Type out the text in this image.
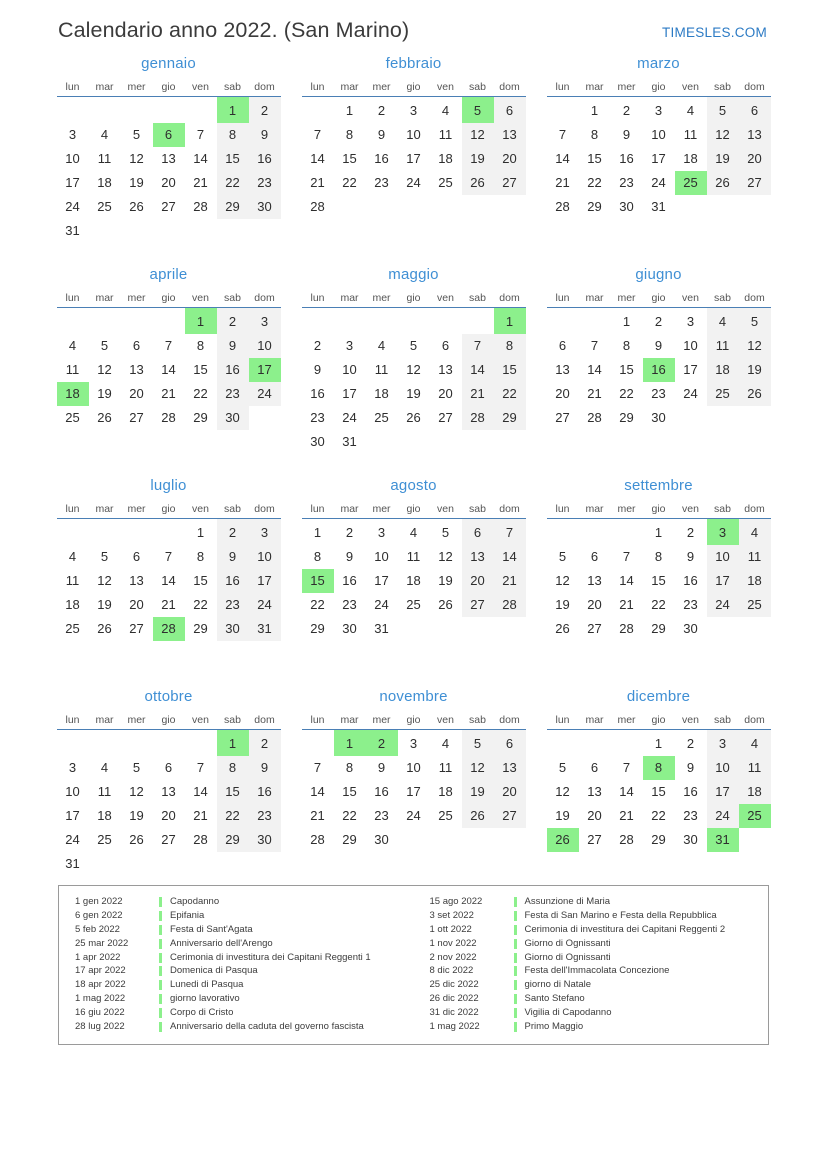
Calendario anno 2022. (San Marino)	TIMESLES.COM
gennaio
lun	mar	mer	gio	ven	sab	dom
					1	2
3	4	5	6	7	8	9
10	11	12	13	14	15	16
17	18	19	20	21	22	23
24	25	26	27	28	29	30
31						
febbraio
lun	mar	mer	gio	ven	sab	dom
	1	2	3	4	5	6
7	8	9	10	11	12	13
14	15	16	17	18	19	20
21	22	23	24	25	26	27
28						
marzo
lun	mar	mer	gio	ven	sab	dom
	1	2	3	4	5	6
7	8	9	10	11	12	13
14	15	16	17	18	19	20
21	22	23	24	25	26	27
28	29	30	31			
aprile
lun	mar	mer	gio	ven	sab	dom
				1	2	3
4	5	6	7	8	9	10
11	12	13	14	15	16	17
18	19	20	21	22	23	24
25	26	27	28	29	30	
maggio
lun	mar	mer	gio	ven	sab	dom
						1
2	3	4	5	6	7	8
9	10	11	12	13	14	15
16	17	18	19	20	21	22
23	24	25	26	27	28	29
30	31					
giugno
lun	mar	mer	gio	ven	sab	dom
		1	2	3	4	5
6	7	8	9	10	11	12
13	14	15	16	17	18	19
20	21	22	23	24	25	26
27	28	29	30			
luglio
lun	mar	mer	gio	ven	sab	dom
				1	2	3
4	5	6	7	8	9	10
11	12	13	14	15	16	17
18	19	20	21	22	23	24
25	26	27	28	29	30	31
agosto
lun	mar	mer	gio	ven	sab	dom
1	2	3	4	5	6	7
8	9	10	11	12	13	14
15	16	17	18	19	20	21
22	23	24	25	26	27	28
29	30	31				
settembre
lun	mar	mer	gio	ven	sab	dom
			1	2	3	4
5	6	7	8	9	10	11
12	13	14	15	16	17	18
19	20	21	22	23	24	25
26	27	28	29	30		
ottobre
lun	mar	mer	gio	ven	sab	dom
					1	2
3	4	5	6	7	8	9
10	11	12	13	14	15	16
17	18	19	20	21	22	23
24	25	26	27	28	29	30
31						
novembre
lun	mar	mer	gio	ven	sab	dom
	1	2	3	4	5	6
7	8	9	10	11	12	13
14	15	16	17	18	19	20
21	22	23	24	25	26	27
28	29	30				
dicembre
lun	mar	mer	gio	ven	sab	dom
			1	2	3	4
5	6	7	8	9	10	11
12	13	14	15	16	17	18
19	20	21	22	23	24	25
26	27	28	29	30	31	
1 gen 2022	Capodanno
6 gen 2022	Epifania
5 feb 2022	Festa di Sant'Agata
25 mar 2022	Anniversario dell'Arengo
1 apr 2022	Cerimonia di investitura dei Capitani Reggenti 1
17 apr 2022	Domenica di Pasqua
18 apr 2022	Lunedi di Pasqua
1 mag 2022	giorno lavorativo
16 giu 2022	Corpo di Cristo
28 lug 2022	Anniversario della caduta del governo fascista
15 ago 2022	Assunzione di Maria
3 set 2022	Festa di San Marino e Festa della Repubblica
1 ott 2022	Cerimonia di investitura dei Capitani Reggenti 2
1 nov 2022	Giorno di Ognissanti
2 nov 2022	Giorno di Ognissanti
8 dic 2022	Festa dell'Immacolata Concezione
25 dic 2022	giorno di Natale
26 dic 2022	Santo Stefano
31 dic 2022	Vigilia di Capodanno
1 mag 2022	Primo Maggio
